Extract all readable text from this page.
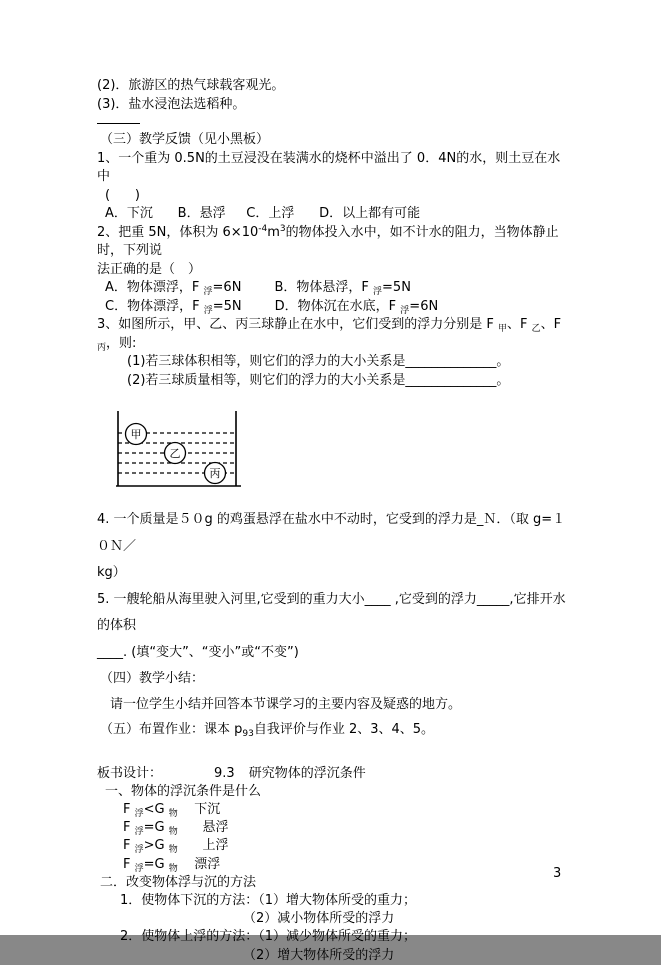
(2)．旅游区的热气球载客观光。
(3)．盐水浸泡法选稻种。
（三）教学反馈（见小黑板）
1、一个重为 0.5N的土豆浸没在装满水的烧杯中溢出了 0．4N的水，则土豆在水中
(      )
A．下沉      B．悬浮     C．上浮      D．以上都有可能
2、把重 5N，体积为 $6\times 10^{-4}m^3$的物体投入水中，如不计水的阻力，当物体静止时，下列说
法正确的是（　）
A．物体漂浮，F $_浮$=6N        B．物体悬浮，F $_浮$=5N
C．物体漂浮，F $_浮$=5N        D．物体沉在水底，F $_浮$=6N
3、如图所示，甲、乙、丙三球静止在水中，它们受到的浮力分别是 F $_甲$、F $_乙$、F $_丙$，则:
(1)若三球体积相等，则它们的浮力的大小关系是______________。
(2)若三球质量相等，则它们的浮力的大小关系是______________。
甲
乙
丙
4. 一个质量是５０g 的鸡蛋悬浮在盐水中不动时，它受到的浮力是_Ｎ．（取 g=１０Ｎ／
kg）
5. 一艘轮船从海里驶入河里,它受到的重力大小____ ,它受到的浮力_____,它排开水的体积
____. (填“变大”、“变小”或“不变”)
（四）教学小结：
请一位学生小结并回答本节课学习的主要内容及疑惑的地方。
（五）布置作业：课本 $p_{93}$自我评价与作业 2、3、4、5。
板书设计：	9.3 研究物体的浮沉条件
一、物体的浮沉条件是什么
F $_浮$<G $_物$    下沉
F $_浮$=G $_物$      悬浮
F $_浮$>G $_物$      上浮
F $_浮$=G $_物$    漂浮
二．改变物体浮与沉的方法
1．使物体下沉的方法：（1）增大物体所受的重力；
（2）减小物体所受的浮力
2．使物体上浮的方法：（1）减少物体所受的重力；
（2）增大物体所受的浮力
3
